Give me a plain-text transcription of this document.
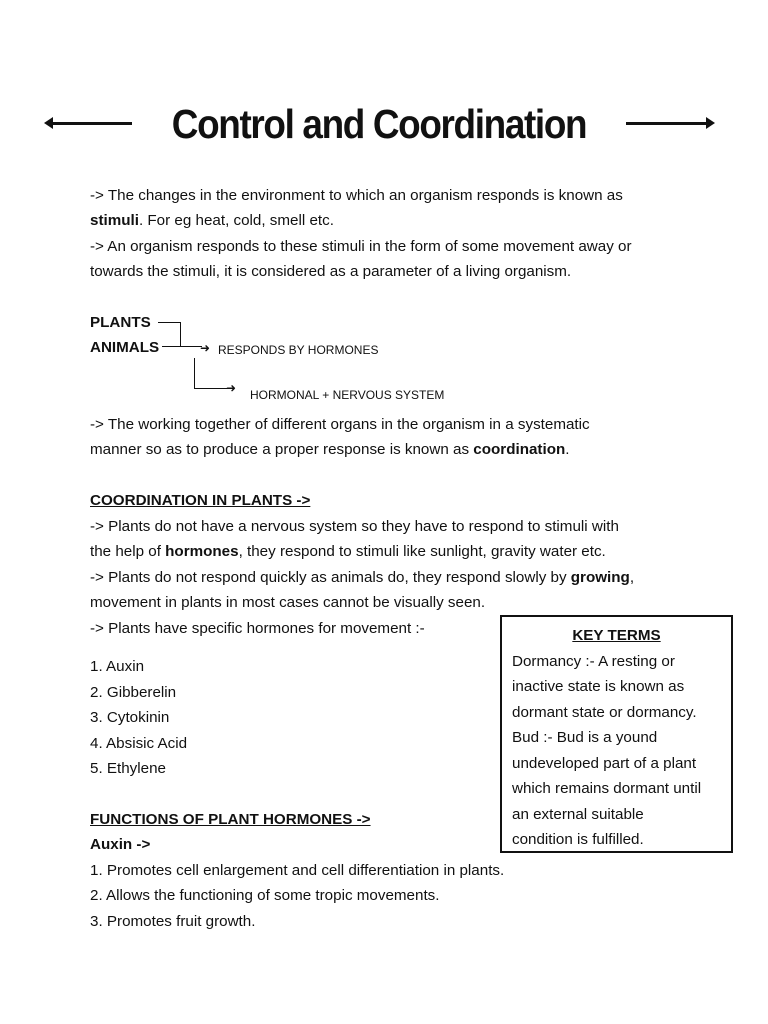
Control and Coordination
-> The changes in the environment to which an organism responds is known as
stimuli. For eg heat, cold, smell etc.
-> An organism responds to these stimuli in the form of some movement away or
towards the stimuli, it is considered as a parameter of a living organism.
PLANTS
ANIMALS	➜ RESPONDS BY HORMONES
➜ HORMONAL + NERVOUS SYSTEM
-> The working together of different organs in the organism in a systematic
manner so as to produce a proper response is known as coordination.
COORDINATION IN PLANTS ->
-> Plants do not have a nervous system so they have to respond to stimuli with
the help of hormones, they respond to stimuli like sunlight, gravity water etc.
-> Plants do not respond quickly as animals do, they respond slowly by growing,
movement in plants in most cases cannot be visually seen.
-> Plants have specific hormones for movement :-
1. Auxin
2. Gibberelin
3. Cytokinin
4. Absisic Acid
5. Ethylene
KEY TERMS
Dormancy :- A resting or
inactive state is known as
dormant state or dormancy.
Bud :- Bud is a yound
undeveloped part of a plant
which remains dormant until
an external suitable
condition is fulfilled.
FUNCTIONS OF PLANT HORMONES ->
Auxin ->
1. Promotes cell enlargement and cell differentiation in plants.
2. Allows the functioning of some tropic movements.
3. Promotes fruit growth.
